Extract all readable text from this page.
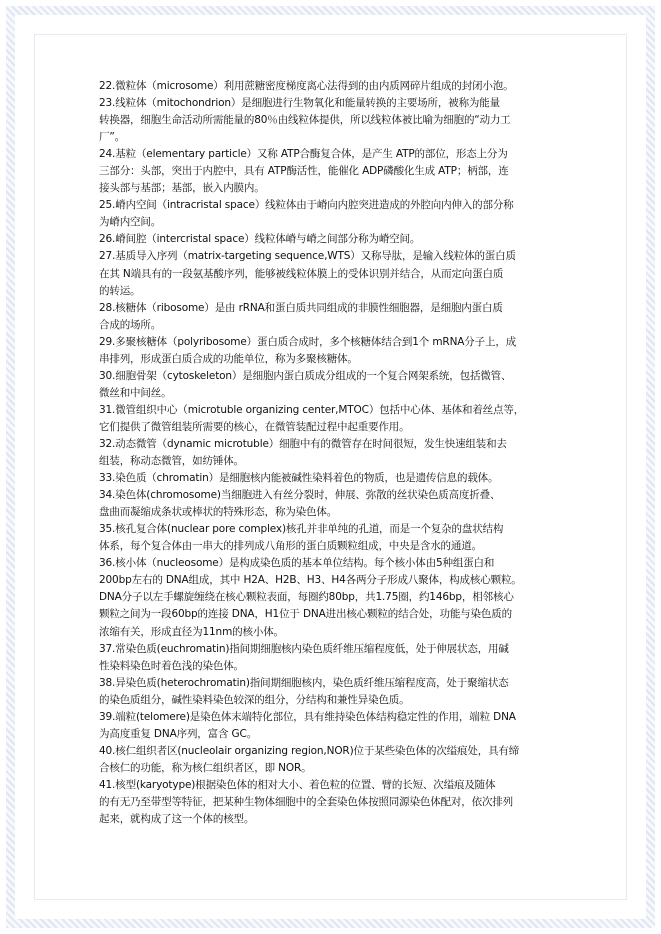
22.微粒体（microsome）利用蔗糖密度梯度离心法得到的由内质网碎片组成的封闭小泡。

23.线粒体（mitochondrion）是细胞进行生物氧化和能量转换的主要场所，被称为能量
转换器，细胞生命活动所需能量的80％由线粒体提供，所以线粒体被比喻为细胞的“动力工
厂”。

24.基粒（elementary particle）又称 ATP合酶复合体，是产生 ATP的部位，形态上分为
三部分：头部，突出于内腔中，具有 ATP酶活性，能催化 ADP磷酸化生成 ATP；柄部，连
接头部与基部；基部，嵌入内膜内。

25.嵴内空间（intracristal space）线粒体由于嵴向内腔突进造成的外腔向内伸入的部分称
为嵴内空间。

26.嵴间腔（intercristal space）线粒体嵴与嵴之间部分称为嵴空间。

27.基质导入序列（matrix-targeting sequence,WTS）又称导肽，是输入线粒体的蛋白质
在其 N端具有的一段氨基酸序列，能够被线粒体膜上的受体识别并结合，从而定向蛋白质
的转运。

28.核糖体（ribosome）是由 rRNA和蛋白质共同组成的非膜性细胞器，是细胞内蛋白质
合成的场所。

29.多聚核糖体（polyribosome）蛋白质合成时，多个核糖体结合到1个 mRNA分子上，成
串排列，形成蛋白质合成的功能单位，称为多聚核糖体。

30.细胞骨架（cytoskeleton）是细胞内蛋白质成分组成的一个复合网架系统，包括微管、
微丝和中间丝。

31.微管组织中心（microtuble organizing center,MTOC）包括中心体、基体和着丝点等，
它们提供了微管组装所需要的核心，在微管装配过程中起重要作用。

32.动态微管（dynamic microtuble）细胞中有的微管存在时间很短，发生快速组装和去
组装，称动态微管，如纺锤体。

33.染色质（chromatin）是细胞核内能被碱性染料着色的物质，也是遗传信息的载体。

34.染色体(chromosome)当细胞进入有丝分裂时，伸展、弥散的丝状染色质高度折叠、
盘曲而凝缩成条状或棒状的特殊形态，称为染色体。

35.核孔复合体(nuclear pore complex)核孔并非单纯的孔道，而是一个复杂的盘状结构
体系，每个复合体由一串大的排列成八角形的蛋白质颗粒组成，中央是含水的通道。

36.核小体（nucleosome）是构成染色质的基本单位结构。每个核小体由5种组蛋白和
200bp左右的 DNA组成，其中 H2A、H2B、H3、H4各两分子形成八聚体，构成核心颗粒。
DNA分子以左手螺旋缠绕在核心颗粒表面，每圈约80bp，共1.75圈，约146bp，相邻核心
颗粒之间为一段60bp的连接 DNA，H1位于 DNA进出核心颗粒的结合处，功能与染色质的
浓缩有关，形成直径为11nm的核小体。

37.常染色质(euchromatin)指间期细胞核内染色质纤维压缩程度低，处于伸展状态，用碱
性染料染色时着色浅的染色体。

38.异染色质(heterochromatin)指间期细胞核内，染色质纤维压缩程度高，处于聚缩状态
的染色质组分，碱性染料染色较深的组分，分结构和兼性异染色质。

39.端粒(telomere)是染色体末端特化部位，具有维持染色体结构稳定性的作用，端粒 DNA
为高度重复 DNA序列，富含 GC。

40.核仁组织者区(nucleolair organizing region,NOR)位于某些染色体的次缢痕处，具有缔
合核仁的功能，称为核仁组织者区，即 NOR。

41.核型(karyotype)根据染色体的相对大小、着色粒的位置、臂的长短、次缢痕及随体
的有无乃至带型等特征，把某种生物体细胞中的全套染色体按照同源染色体配对，依次排列
起来，就构成了这一个体的核型。
